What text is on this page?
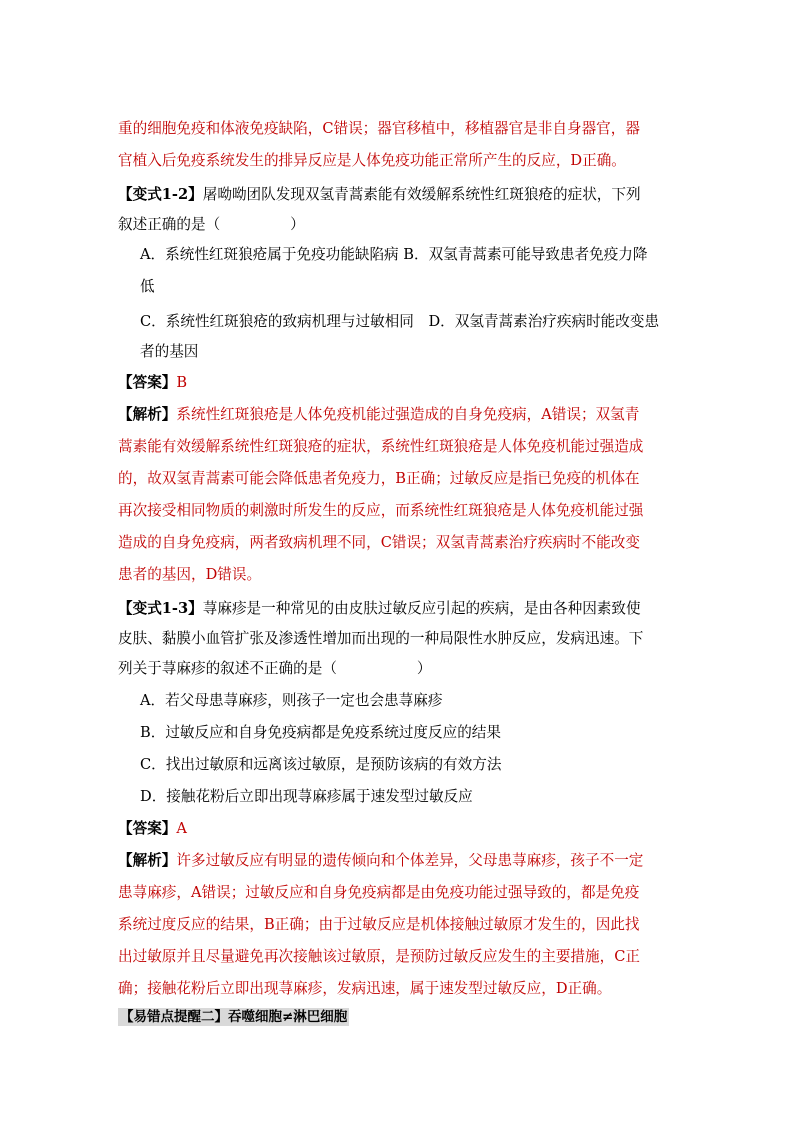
重的细胞免疫和体液免疫缺陷，C错误；器官移植中，移植器官是非自身器官，器
官植入后免疫系统发生的排异反应是人体免疫功能正常所产生的反应，D正确。
【变式1-2】屠呦呦团队发现双氢青蒿素能有效缓解系统性红斑狼疮的症状，下列
叙述正确的是（	）
A．系统性红斑狼疮属于免疫功能缺陷病 B．双氢青蒿素可能导致患者免疫力降
低
C．系统性红斑狼疮的致病机理与过敏相同　D．双氢青蒿素治疗疾病时能改变患
者的基因
【答案】B
【解析】系统性红斑狼疮是人体免疫机能过强造成的自身免疫病，A错误；双氢青
蒿素能有效缓解系统性红斑狼疮的症状，系统性红斑狼疮是人体免疫机能过强造成
的，故双氢青蒿素可能会降低患者免疫力，B正确；过敏反应是指已免疫的机体在
再次接受相同物质的刺激时所发生的反应，而系统性红斑狼疮是人体免疫机能过强
造成的自身免疫病，两者致病机理不同，C错误；双氢青蒿素治疗疾病时不能改变
患者的基因，D错误。
【变式1-3】荨麻疹是一种常见的由皮肤过敏反应引起的疾病，是由各种因素致使
皮肤、黏膜小血管扩张及渗透性增加而出现的一种局限性水肿反应，发病迅速。下
列关于荨麻疹的叙述不正确的是（	）
A．若父母患荨麻疹，则孩子一定也会患荨麻疹
B．过敏反应和自身免疫病都是免疫系统过度反应的结果
C．找出过敏原和远离该过敏原，是预防该病的有效方法
D．接触花粉后立即出现荨麻疹属于速发型过敏反应
【答案】A
【解析】许多过敏反应有明显的遗传倾向和个体差异，父母患荨麻疹，孩子不一定
患荨麻疹，A错误；过敏反应和自身免疫病都是由免疫功能过强导致的，都是免疫
系统过度反应的结果，B正确；由于过敏反应是机体接触过敏原才发生的，因此找
出过敏原并且尽量避免再次接触该过敏原，是预防过敏反应发生的主要措施，C正
确；接触花粉后立即出现荨麻疹，发病迅速，属于速发型过敏反应，D正确。
【易错点提醒二】吞噬细胞≠淋巴细胞
